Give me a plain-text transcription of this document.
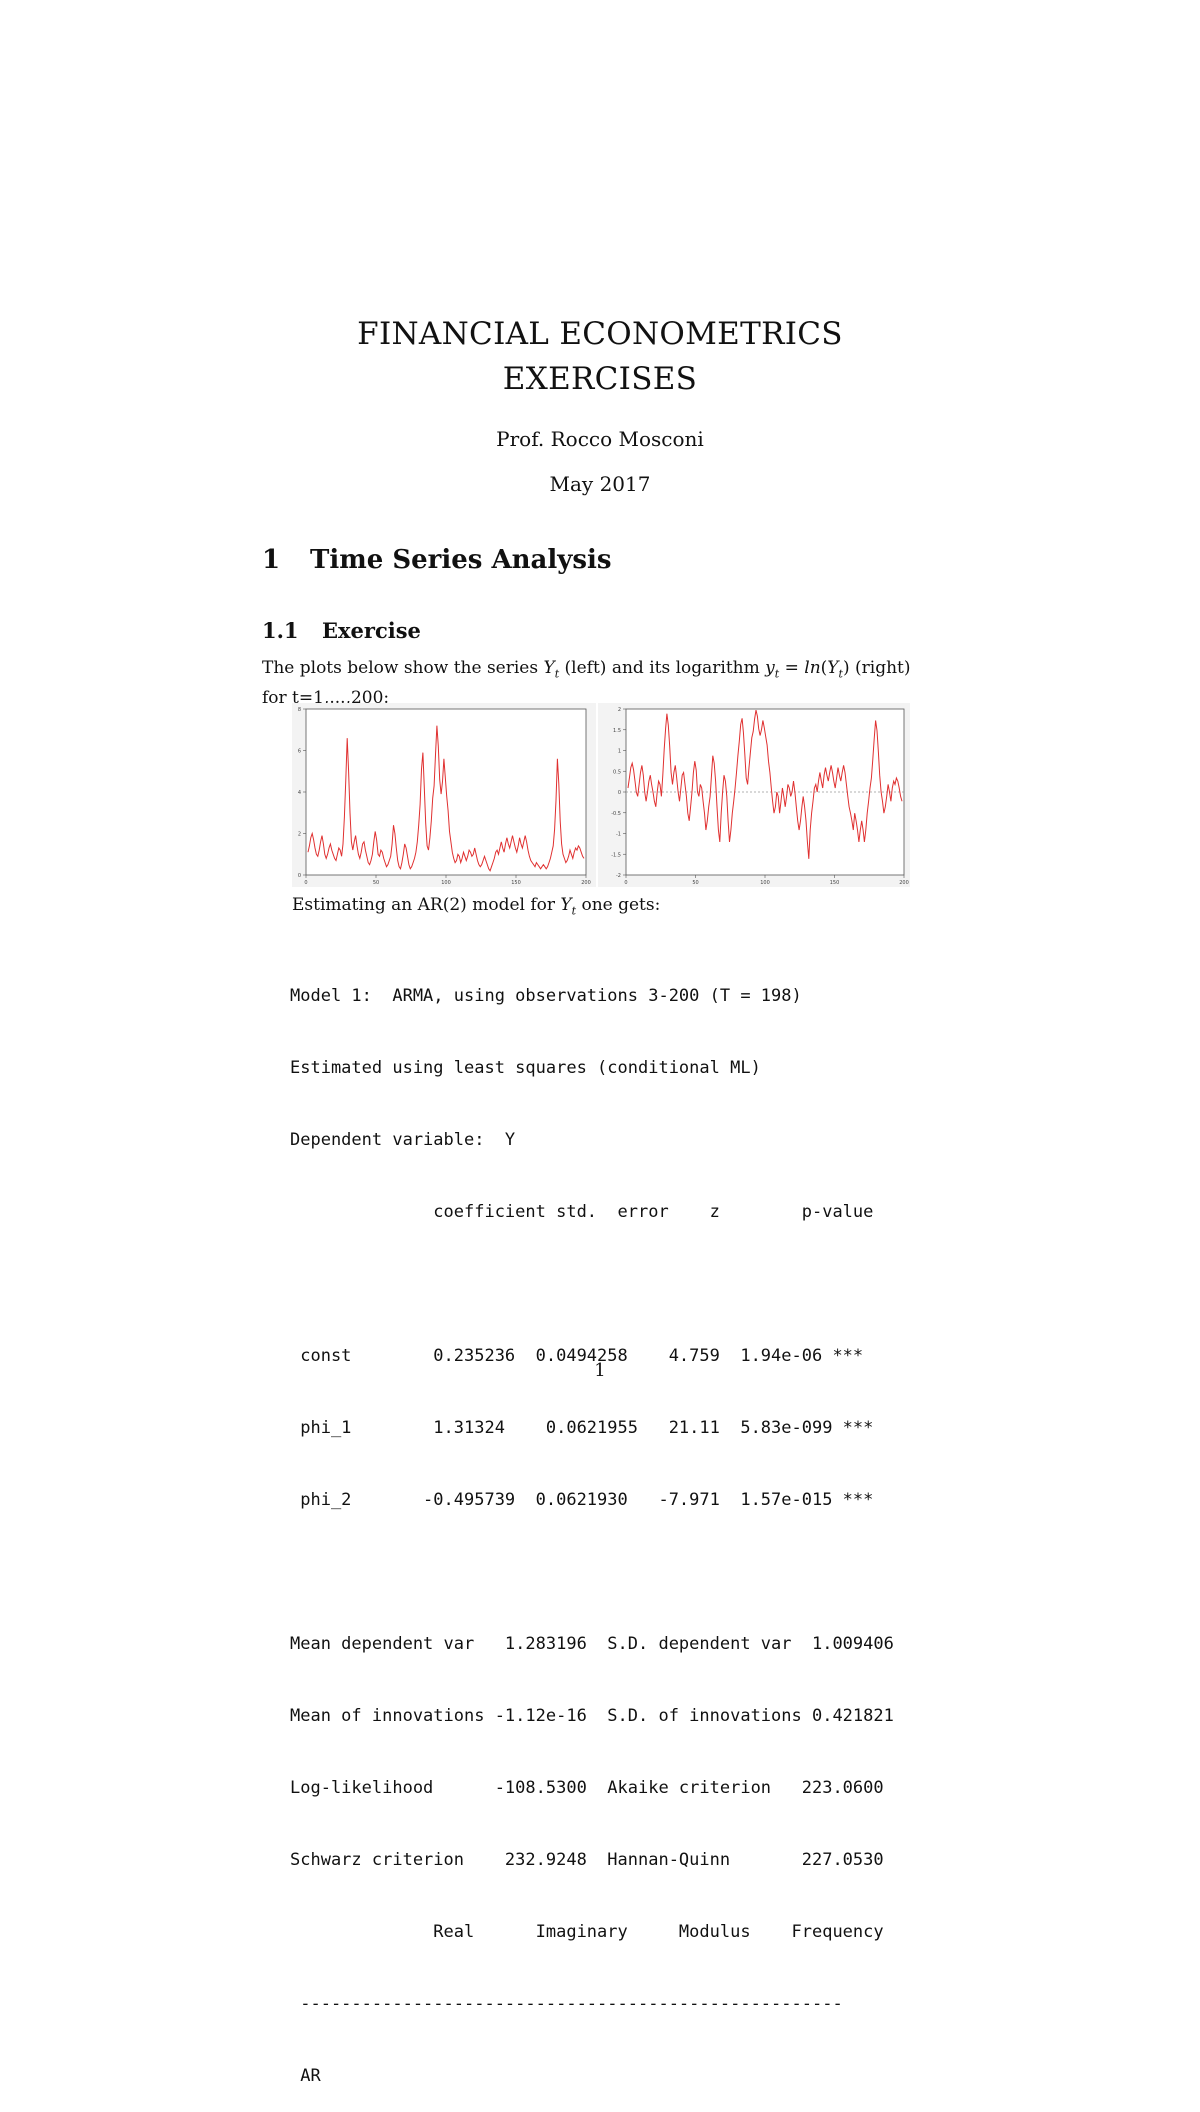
FINANCIAL ECONOMETRICS
EXERCISES
Prof. Rocco Mosconi
May 2017
1 Time Series Analysis
1.1 Exercise
The plots below show the series $Y_t$ (left) and its logarithm $y_t = \ln(Y_t)$ (right)
for t=1,...,200:
0
2
4
6
8
0	50	100	150	200
-2
-1.5
-1
-0.5
0
0.5
1
1.5
2
0	50	100	150	200
Estimating an AR(2) model for $Y_t$ one gets:

Model 1:  ARMA, using observations 3-200 (T = 198)

Estimated using least squares (conditional ML)

Dependent variable:  Y

coefficient std.  error    z        p-value

const        0.235236  0.0494258    4.759  1.94e-06 ***

phi_1        1.31324    0.0621955   21.11  5.83e-099 ***

phi_2       -0.495739  0.0621930   -7.971  1.57e-015 ***

Mean dependent var   1.283196  S.D. dependent var  1.009406

Mean of innovations -1.12e-16  S.D. of innovations 0.421821

Log-likelihood      -108.5300  Akaike criterion   223.0600

Schwarz criterion    232.9248  Hannan-Quinn       227.0530

Real      Imaginary     Modulus    Frequency

-----------------------------------------------------

AR

1
